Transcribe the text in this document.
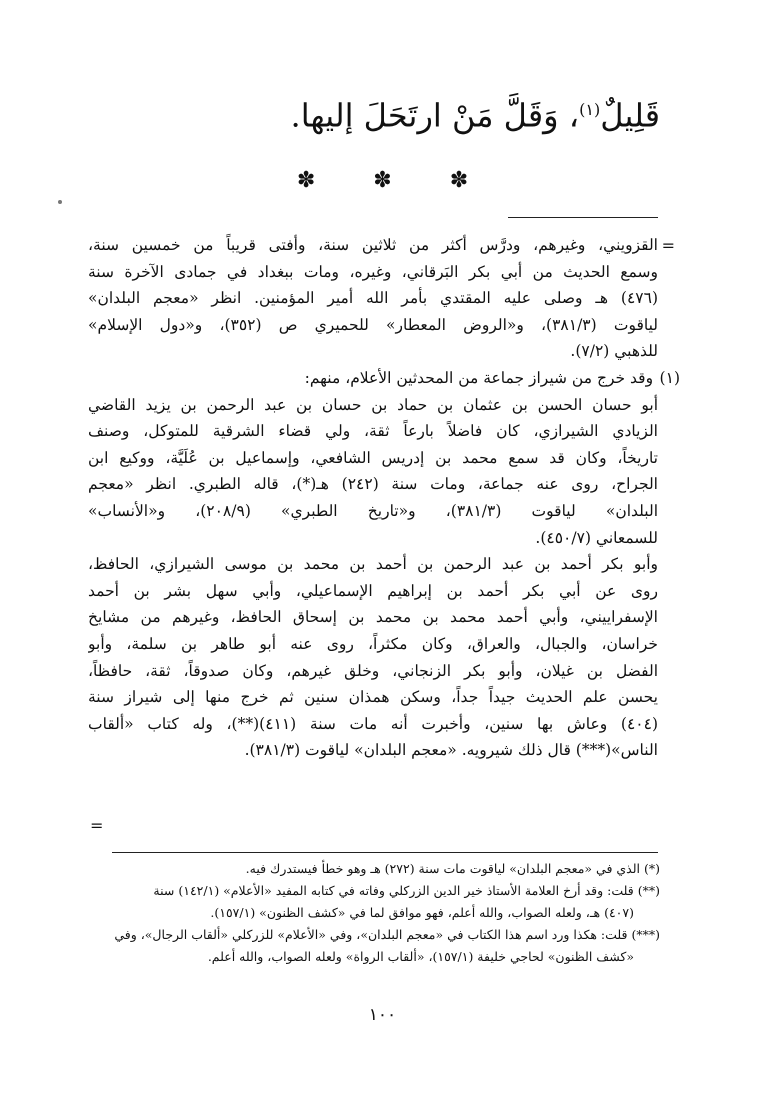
قَلِيلٌ$^{(١)}$، وَقَلَّ مَنْ ارتَحَلَ إليها.
✽	✽	✽
=
القزويني، وغيرهم، ودرَّس أكثر من ثلاثين سنة، وأفتى قريباً من خمسين سنة،
وسمع الحديث من أبي بكر البَرقاني، وغيره، ومات ببغداد في جمادى الآخرة سنة
(٤٧٦) هـ وصلى عليه المقتدي بأمر الله أمير المؤمنين. انظر «معجم البلدان»
لياقوت (٣٨١/٣)، و«الروض المعطار» للحميري ص (٣٥٢)، و«دول الإسلام»
للذهبي (٧/٢).
(١) وقد خرج من شيراز جماعة من المحدثين الأعلام، منهم:
أبو حسان الحسن بن عثمان بن حماد بن حسان بن عبد الرحمن بن يزيد القاضي
الزيادي الشيرازي، كان فاضلاً بارعاً ثقة، ولي قضاء الشرقية للمتوكل، وصنف
تاريخاً، وكان قد سمع محمد بن إدريس الشافعي، وإسماعيل بن عُلَيَّة، ووكيع ابن
الجراح، روى عنه جماعة، ومات سنة (٢٤٢) هـ(*)، قاله الطبري. انظر «معجم
البلدان» لياقوت (٣٨١/٣)، و«تاريخ الطبري» (٢٠٨/٩)، و«الأنساب»
للسمعاني (٤٥٠/٧).
وأبو بكر أحمد بن عبد الرحمن بن أحمد بن محمد بن موسى الشيرازي، الحافظ،
روى عن أبي بكر أحمد بن إبراهيم الإسماعيلي، وأبي سهل بشر بن أحمد
الإسفراييني، وأبي أحمد محمد بن محمد بن إسحاق الحافظ، وغيرهم من مشايخ
خراسان، والجبال، والعراق، وكان مكثراً، روى عنه أبو طاهر بن سلمة، وأبو
الفضل بن غيلان، وأبو بكر الزنجاني، وخلق غيرهم، وكان صدوقاً، ثقة، حافظاً،
يحسن علم الحديث جيداً جداً، وسكن همذان سنين ثم خرج منها إلى شيراز سنة
(٤٠٤) وعاش بها سنين، وأخبرت أنه مات سنة (٤١١)(**)، وله كتاب «ألقاب
الناس»(***) قال ذلك شيرويه. «معجم البلدان» لياقوت (٣٨١/٣).
=
(*) الذي في «معجم البلدان» لياقوت مات سنة (٢٧٢) هـ وهو خطأ فيستدرك فيه.
(**) قلت: وقد أرخ العلامة الأستاذ خير الدين الزركلي وفاته في كتابه المفيد «الأعلام» (١٤٢/١) سنة
(٤٠٧) هـ، ولعله الصواب، والله أعلم، فهو موافق لما في «كشف الظنون» (١٥٧/١).
(***) قلت: هكذا ورد اسم هذا الكتاب في «معجم البلدان»، وفي «الأعلام» للزركلي «ألقاب الرجال»، وفي
«كشف الظنون» لحاجي خليفة (١٥٧/١)، «ألقاب الرواة» ولعله الصواب، والله أعلم.
١٠٠
